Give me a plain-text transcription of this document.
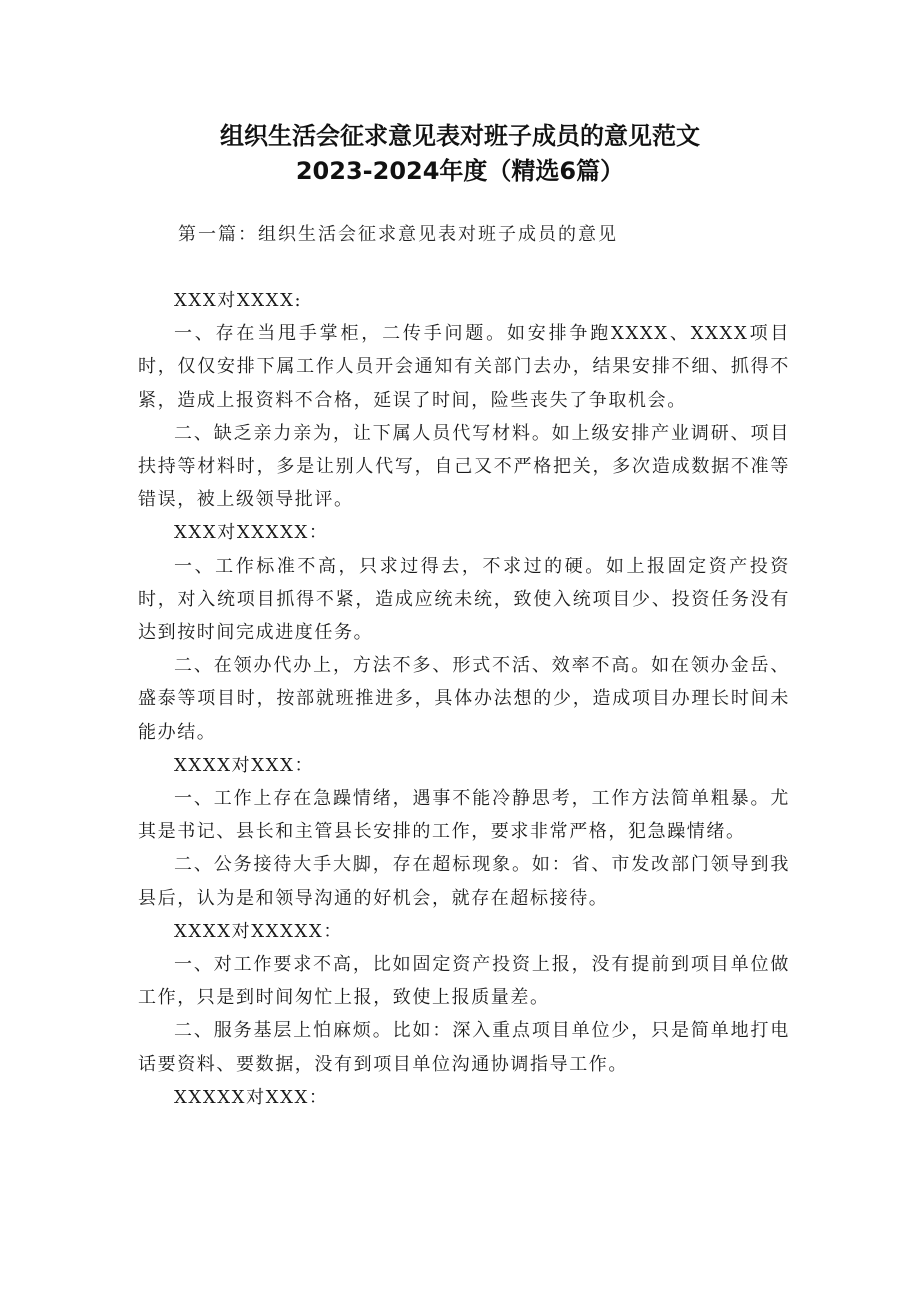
组织生活会征求意见表对班子成员的意见范文
2023-2024年度（精选6篇）
第一篇：组织生活会征求意见表对班子成员的意见

XXX对XXXX:

一、存在当甩手掌柜，二传手问题。如安排争跑XXXX、XXXX项目时，仅仅安排下属工作人员开会通知有关部门去办，结果安排不细、抓得不紧，造成上报资料不合格，延误了时间，险些丧失了争取机会。

二、缺乏亲力亲为，让下属人员代写材料。如上级安排产业调研、项目扶持等材料时，多是让别人代写，自己又不严格把关，多次造成数据不准等错误，被上级领导批评。

XXX对XXXXX：

一、工作标准不高，只求过得去，不求过的硬。如上报固定资产投资时，对入统项目抓得不紧，造成应统未统，致使入统项目少、投资任务没有达到按时间完成进度任务。

二、在领办代办上，方法不多、形式不活、效率不高。如在领办金岳、盛泰等项目时，按部就班推进多，具体办法想的少，造成项目办理长时间未能办结。

XXXX对XXX：

一、工作上存在急躁情绪，遇事不能冷静思考，工作方法简单粗暴。尤其是书记、县长和主管县长安排的工作，要求非常严格，犯急躁情绪。

二、公务接待大手大脚，存在超标现象。如：省、市发改部门领导到我县后，认为是和领导沟通的好机会，就存在超标接待。

XXXX对XXXXX：

一、对工作要求不高，比如固定资产投资上报，没有提前到项目单位做工作，只是到时间匆忙上报，致使上报质量差。

二、服务基层上怕麻烦。比如：深入重点项目单位少，只是简单地打电话要资料、要数据，没有到项目单位沟通协调指导工作。

XXXXX对XXX：
